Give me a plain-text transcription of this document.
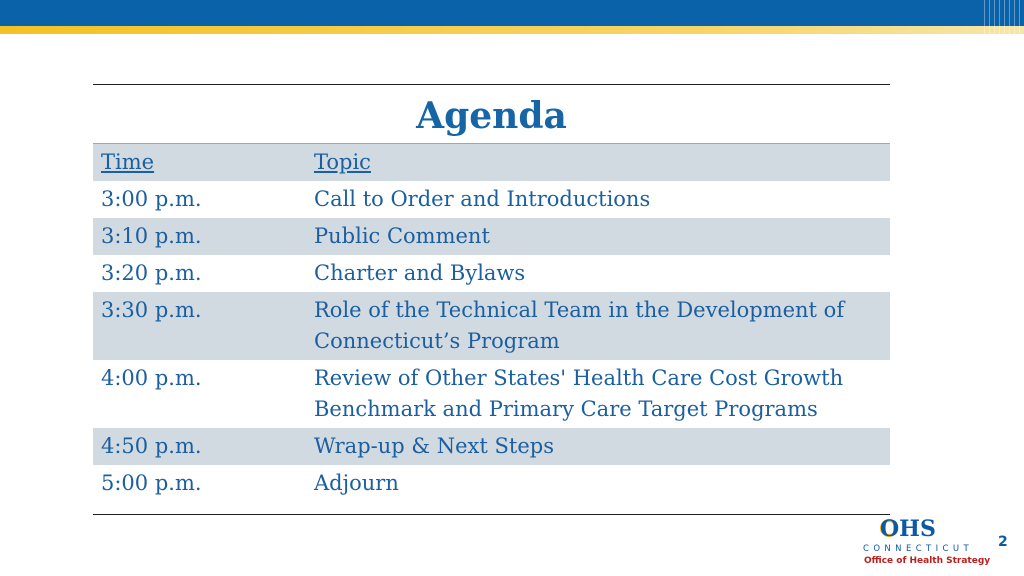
Agenda
Time	Topic
3:00 p.m.	Call to Order and Introductions
3:10 p.m.	Public Comment
3:20 p.m.	Charter and Bylaws
3:30 p.m.	Role of the Technical Team in the Development of Connecticut’s Program
4:00 p.m.	Review of Other States' Health Care Cost Growth Benchmark and Primary Care Target Programs
4:50 p.m.	Wrap-up & Next Steps
5:00 p.m.	Adjourn
OHS
CONNECTICUT
Office of Health Strategy
2
